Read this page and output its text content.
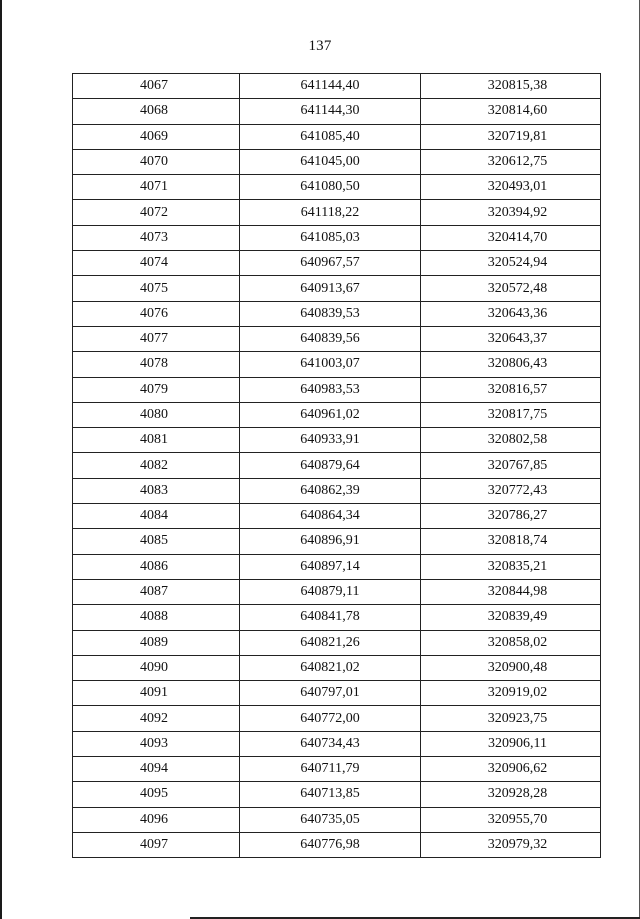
137
4067	641144,40	320815,38
4068	641144,30	320814,60
4069	641085,40	320719,81
4070	641045,00	320612,75
4071	641080,50	320493,01
4072	641118,22	320394,92
4073	641085,03	320414,70
4074	640967,57	320524,94
4075	640913,67	320572,48
4076	640839,53	320643,36
4077	640839,56	320643,37
4078	641003,07	320806,43
4079	640983,53	320816,57
4080	640961,02	320817,75
4081	640933,91	320802,58
4082	640879,64	320767,85
4083	640862,39	320772,43
4084	640864,34	320786,27
4085	640896,91	320818,74
4086	640897,14	320835,21
4087	640879,11	320844,98
4088	640841,78	320839,49
4089	640821,26	320858,02
4090	640821,02	320900,48
4091	640797,01	320919,02
4092	640772,00	320923,75
4093	640734,43	320906,11
4094	640711,79	320906,62
4095	640713,85	320928,28
4096	640735,05	320955,70
4097	640776,98	320979,32
